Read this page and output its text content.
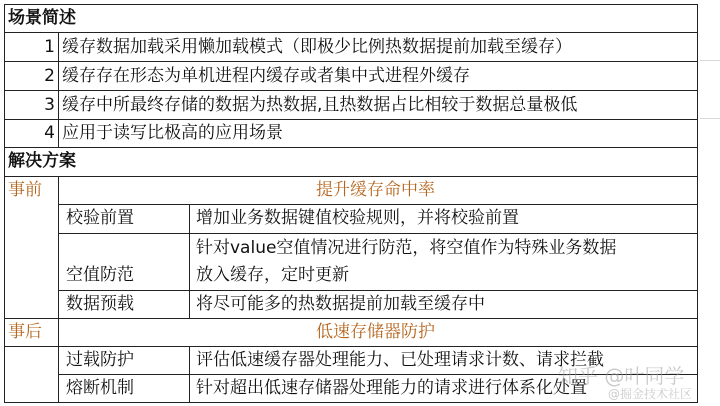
场景简述
1 缓存数据加载采用懒加载模式（即极少比例热数据提前加载至缓存）
2 缓存存在形态为单机进程内缓存或者集中式进程外缓存
3 缓存中所最终存储的数据为热数据,且热数据占比相较于数据总量极低
4 应用于读写比极高的应用场景
解决方案
事前	提升缓存命中率
校验前置	增加业务数据键值校验规则，并将校验前置
针对value空值情况进行防范，将空值作为特殊业务数据
空值防范	放入缓存，定时更新
数据预载	将尽可能多的热数据提前加载至缓存中
事后	低速存储器防护
过载防护	评估低速缓存器处理能力、已处理请求计数、请求拦截
熔断机制	针对超出低速存储器处理能力的请求进行体系化处置
知乎 @叶同学
@掘金技术社区
